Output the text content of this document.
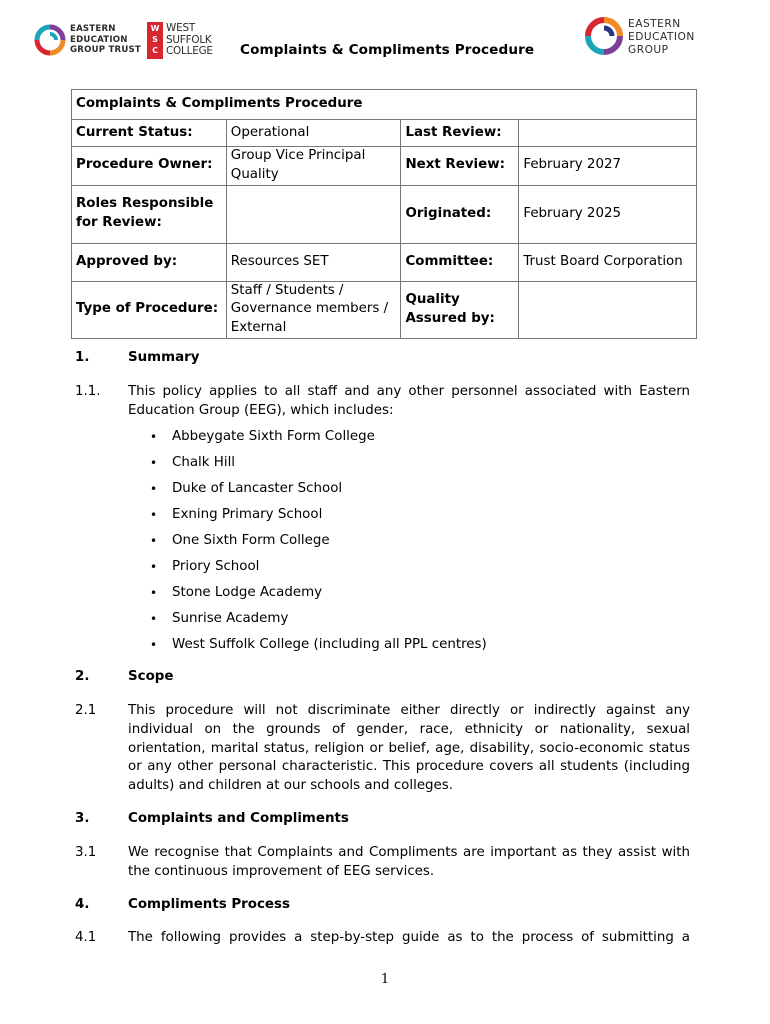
EASTERN
EDUCATION
GROUP TRUST
W
S
C
WEST
SUFFOLK
COLLEGE Complaints & Compliments Procedure
EASTERN
EDUCATION
GROUP
Complaints & Compliments Procedure			
Current Status:	Operational	Last Review:	
Procedure Owner:	Group Vice Principal Quality	Next Review:	February 2027
Roles Responsible for Review:		Originated:	February 2025
Approved by:	Resources SET	Committee:	Trust Board Corporation
Type of Procedure:	Staff / Students / Governance members / External	Quality Assured by:	
1.	Summary
1.1. This policy applies to all staff and any other personnel associated with Eastern Education Group (EEG), which includes:
• Abbeygate Sixth Form College
• Chalk Hill
• Duke of Lancaster School
• Exning Primary School
• One Sixth Form College
• Priory School
• Stone Lodge Academy
• Sunrise Academy
• West Suffolk College (including all PPL centres)
2.	Scope
2.1 This procedure will not discriminate either directly or indirectly against any individual on the grounds of gender, race, ethnicity or nationality, sexual orientation, marital status, religion or belief, age, disability, socio-economic status or any other personal characteristic. This procedure covers all students (including adults) and children at our schools and colleges.
3.	Complaints and Compliments
3.1 We recognise that Complaints and Compliments are important as they assist with the continuous improvement of EEG services.
4.	Compliments Process
4.1 The following provides a step-by-step guide as to the process of submitting a
1
